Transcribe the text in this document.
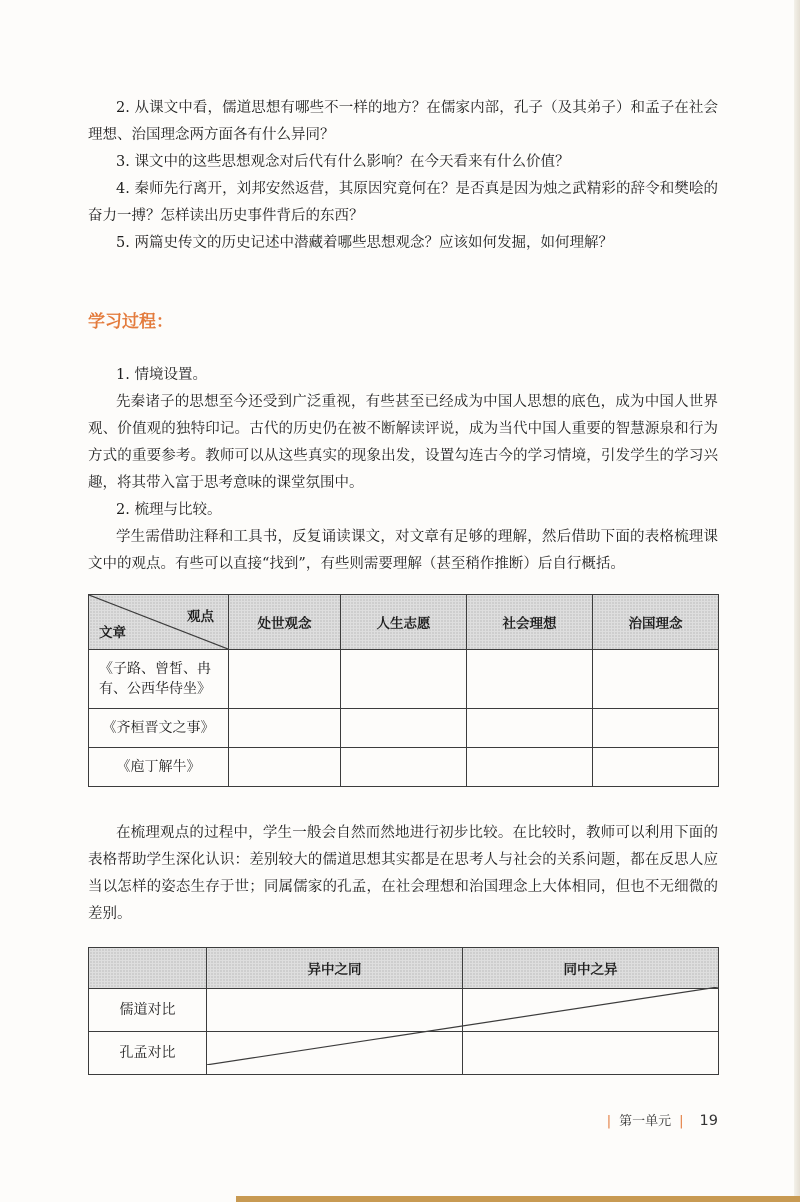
2. 从课文中看，儒道思想有哪些不一样的地方？在儒家内部，孔子（及其弟子）和孟子在社会理想、治国理念两方面各有什么异同？

3. 课文中的这些思想观念对后代有什么影响？在今天看来有什么价值？

4. 秦师先行离开，刘邦安然返营，其原因究竟何在？是否真是因为烛之武精彩的辞令和樊哙的奋力一搏？怎样读出历史事件背后的东西？

5. 两篇史传文的历史记述中潜藏着哪些思想观念？应该如何发掘，如何理解？

学习过程：

1. 情境设置。

先秦诸子的思想至今还受到广泛重视，有些甚至已经成为中国人思想的底色，成为中国人世界观、价值观的独特印记。古代的历史仍在被不断解读评说，成为当代中国人重要的智慧源泉和行为方式的重要参考。教师可以从这些真实的现象出发，设置勾连古今的学习情境，引发学生的学习兴趣，将其带入富于思考意味的课堂氛围中。

2. 梳理与比较。

学生需借助注释和工具书，反复诵读课文，对文章有足够的理解，然后借助下面的表格梳理课文中的观点。有些可以直接“找到”，有些则需要理解（甚至稍作推断）后自行概括。

观点
文章	处世观念	人生志愿	社会理想	治国理念
《子路、曾皙、冉有、公西华侍坐》				
《齐桓晋文之事》				
《庖丁解牛》				

在梳理观点的过程中，学生一般会自然而然地进行初步比较。在比较时，教师可以利用下面的表格帮助学生深化认识：差别较大的儒道思想其实都是在思考人与社会的关系问题，都在反思人应当以怎样的姿态生存于世；同属儒家的孔孟，在社会理想和治国理念上大体相同，但也不无细微的差别。

	异中之同	同中之异
儒道对比		
孔孟对比		
| 第一单元 | 19
